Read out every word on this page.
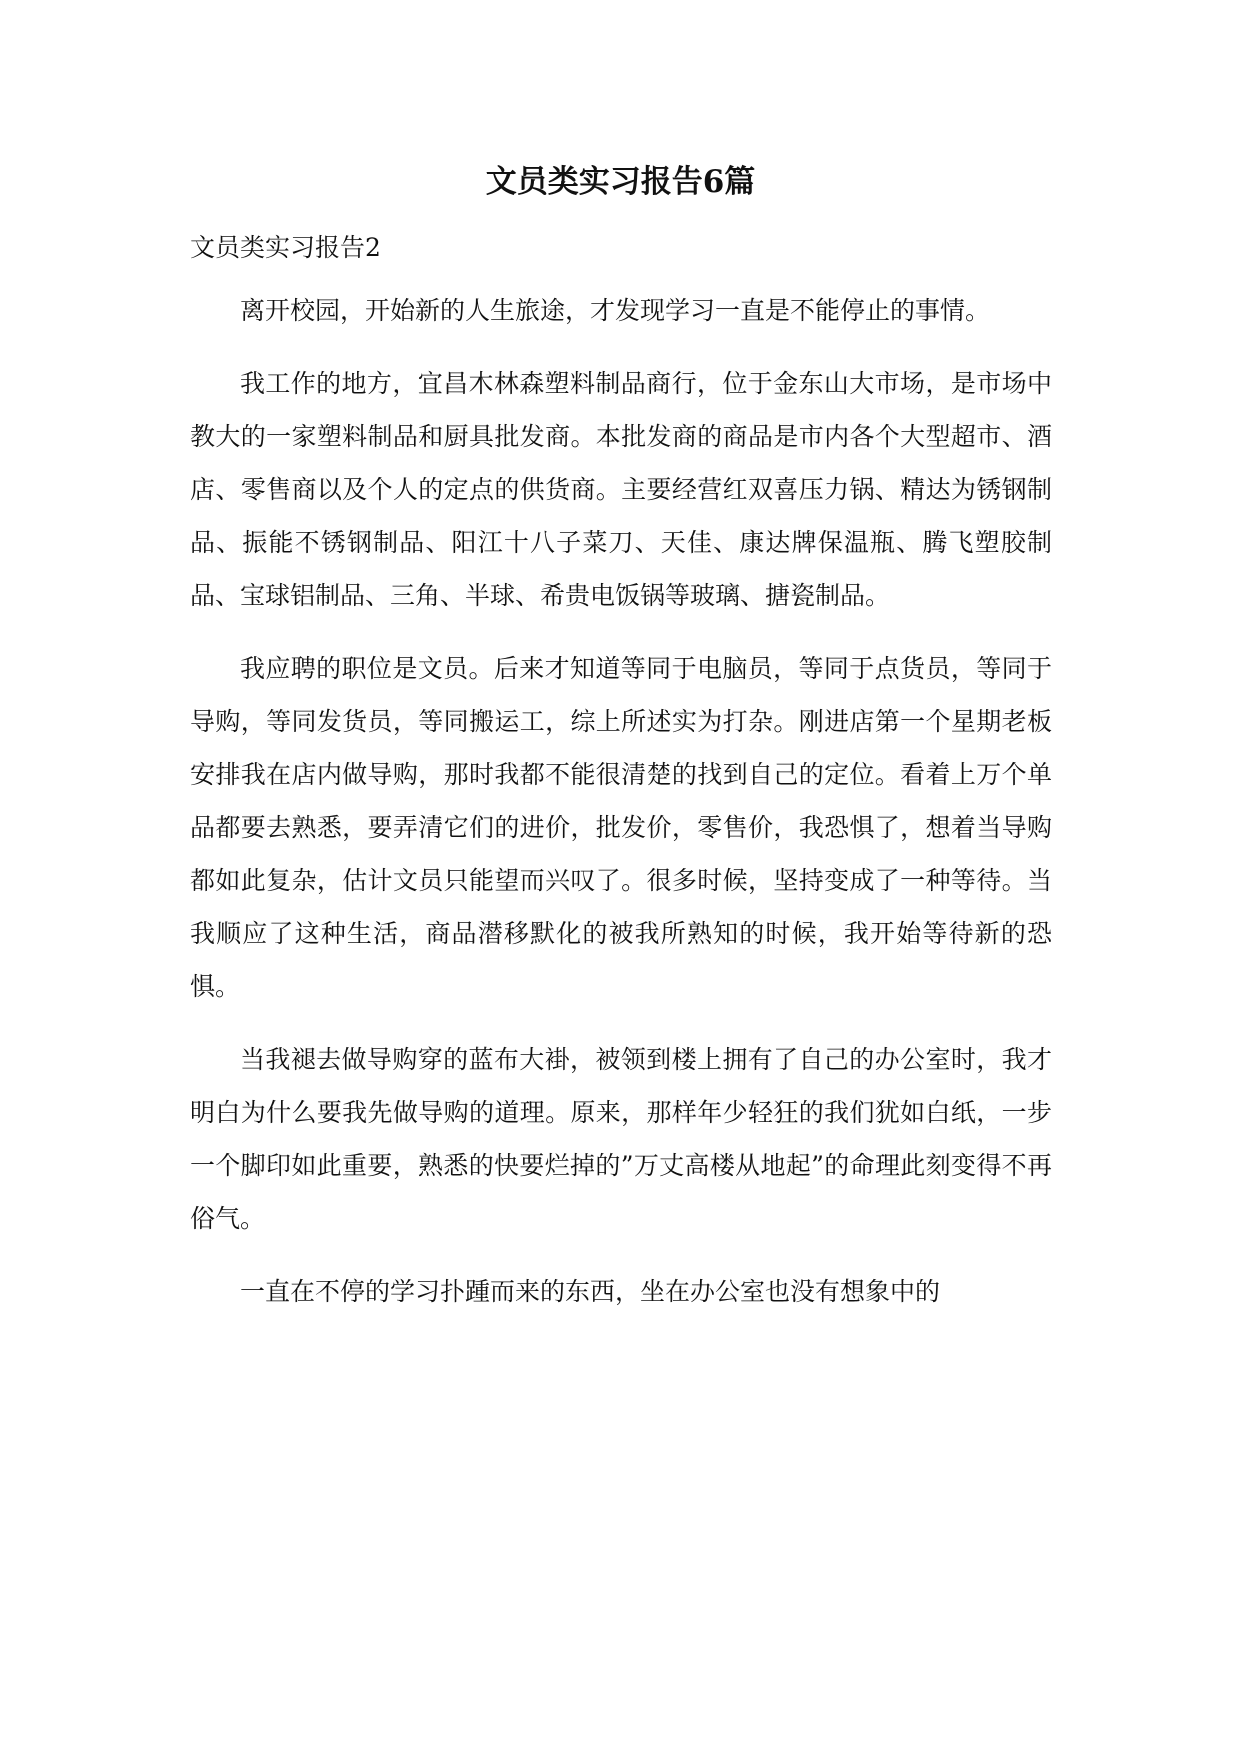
文员类实习报告6篇
文员类实习报告2

离开校园，开始新的人生旅途，才发现学习一直是不能停止的事情。

我工作的地方，宜昌木林森塑料制品商行，位于金东山大市场，是市场中教大的一家塑料制品和厨具批发商。本批发商的商品是市内各个大型超市、酒店、零售商以及个人的定点的供货商。主要经营红双喜压力锅、精达为锈钢制品、振能不锈钢制品、阳江十八子菜刀、天佳、康达牌保温瓶、腾飞塑胶制品、宝球铝制品、三角、半球、希贵电饭锅等玻璃、搪瓷制品。

我应聘的职位是文员。后来才知道等同于电脑员，等同于点货员，等同于导购，等同发货员，等同搬运工，综上所述实为打杂。刚进店第一个星期老板安排我在店内做导购，那时我都不能很清楚的找到自己的定位。看着上万个单品都要去熟悉，要弄清它们的进价，批发价，零售价，我恐惧了，想着当导购都如此复杂，估计文员只能望而兴叹了。很多时候，坚持变成了一种等待。当我顺应了这种生活，商品潜移默化的被我所熟知的时候，我开始等待新的恐惧。

当我褪去做导购穿的蓝布大褂，被领到楼上拥有了自己的办公室时，我才明白为什么要我先做导购的道理。原来，那样年少轻狂的我们犹如白纸，一步一个脚印如此重要，熟悉的快要烂掉的”万丈高楼从地起”的命理此刻变得不再俗气。

一直在不停的学习扑踵而来的东西，坐在办公室也没有想象中的
